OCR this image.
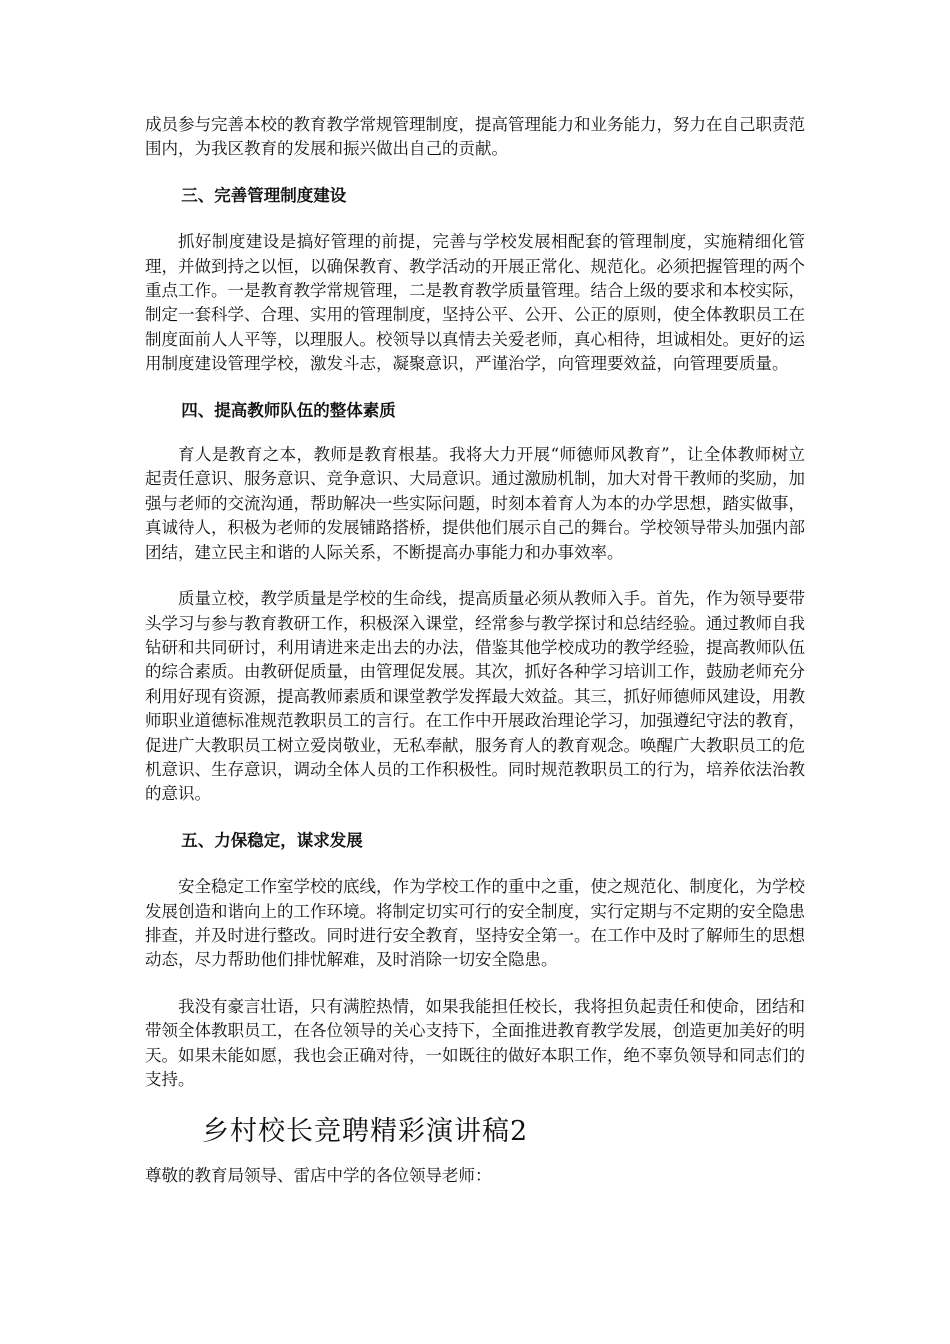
成员参与完善本校的教育教学常规管理制度，提高管理能力和业务能力，努力在自己职责范围内，为我区教育的发展和振兴做出自己的贡献。

三、完善管理制度建设

抓好制度建设是搞好管理的前提，完善与学校发展相配套的管理制度，实施精细化管理，并做到持之以恒，以确保教育、教学活动的开展正常化、规范化。必须把握管理的两个重点工作。一是教育教学常规管理，二是教育教学质量管理。结合上级的要求和本校实际，制定一套科学、合理、实用的管理制度，坚持公平、公开、公正的原则，使全体教职员工在制度面前人人平等，以理服人。校领导以真情去关爱老师，真心相待，坦诚相处。更好的运用制度建设管理学校，激发斗志，凝聚意识，严谨治学，向管理要效益，向管理要质量。

四、提高教师队伍的整体素质

育人是教育之本，教师是教育根基。我将大力开展“师德师风教育”，让全体教师树立起责任意识、服务意识、竞争意识、大局意识。通过激励机制，加大对骨干教师的奖励，加强与老师的交流沟通，帮助解决一些实际问题，时刻本着育人为本的办学思想，踏实做事，真诚待人，积极为老师的发展铺路搭桥，提供他们展示自己的舞台。学校领导带头加强内部团结，建立民主和谐的人际关系，不断提高办事能力和办事效率。

质量立校，教学质量是学校的生命线，提高质量必须从教师入手。首先，作为领导要带头学习与参与教育教研工作，积极深入课堂，经常参与教学探讨和总结经验。通过教师自我钻研和共同研讨，利用请进来走出去的办法，借鉴其他学校成功的教学经验，提高教师队伍的综合素质。由教研促质量，由管理促发展。其次，抓好各种学习培训工作，鼓励老师充分利用好现有资源，提高教师素质和课堂教学发挥最大效益。其三，抓好师德师风建设，用教师职业道德标准规范教职员工的言行。在工作中开展政治理论学习，加强遵纪守法的教育，促进广大教职员工树立爱岗敬业，无私奉献，服务育人的教育观念。唤醒广大教职员工的危机意识、生存意识，调动全体人员的工作积极性。同时规范教职员工的行为，培养依法治教的意识。

五、力保稳定，谋求发展

安全稳定工作室学校的底线，作为学校工作的重中之重，使之规范化、制度化，为学校发展创造和谐向上的工作环境。将制定切实可行的安全制度，实行定期与不定期的安全隐患排查，并及时进行整改。同时进行安全教育，坚持安全第一。在工作中及时了解师生的思想动态，尽力帮助他们排忧解难，及时消除一切安全隐患。

我没有豪言壮语，只有满腔热情，如果我能担任校长，我将担负起责任和使命，团结和带领全体教职员工，在各位领导的关心支持下，全面推进教育教学发展，创造更加美好的明天。如果未能如愿，我也会正确对待，一如既往的做好本职工作，绝不辜负领导和同志们的支持。

乡村校长竞聘精彩演讲稿2

尊敬的教育局领导、雷店中学的各位领导老师：
